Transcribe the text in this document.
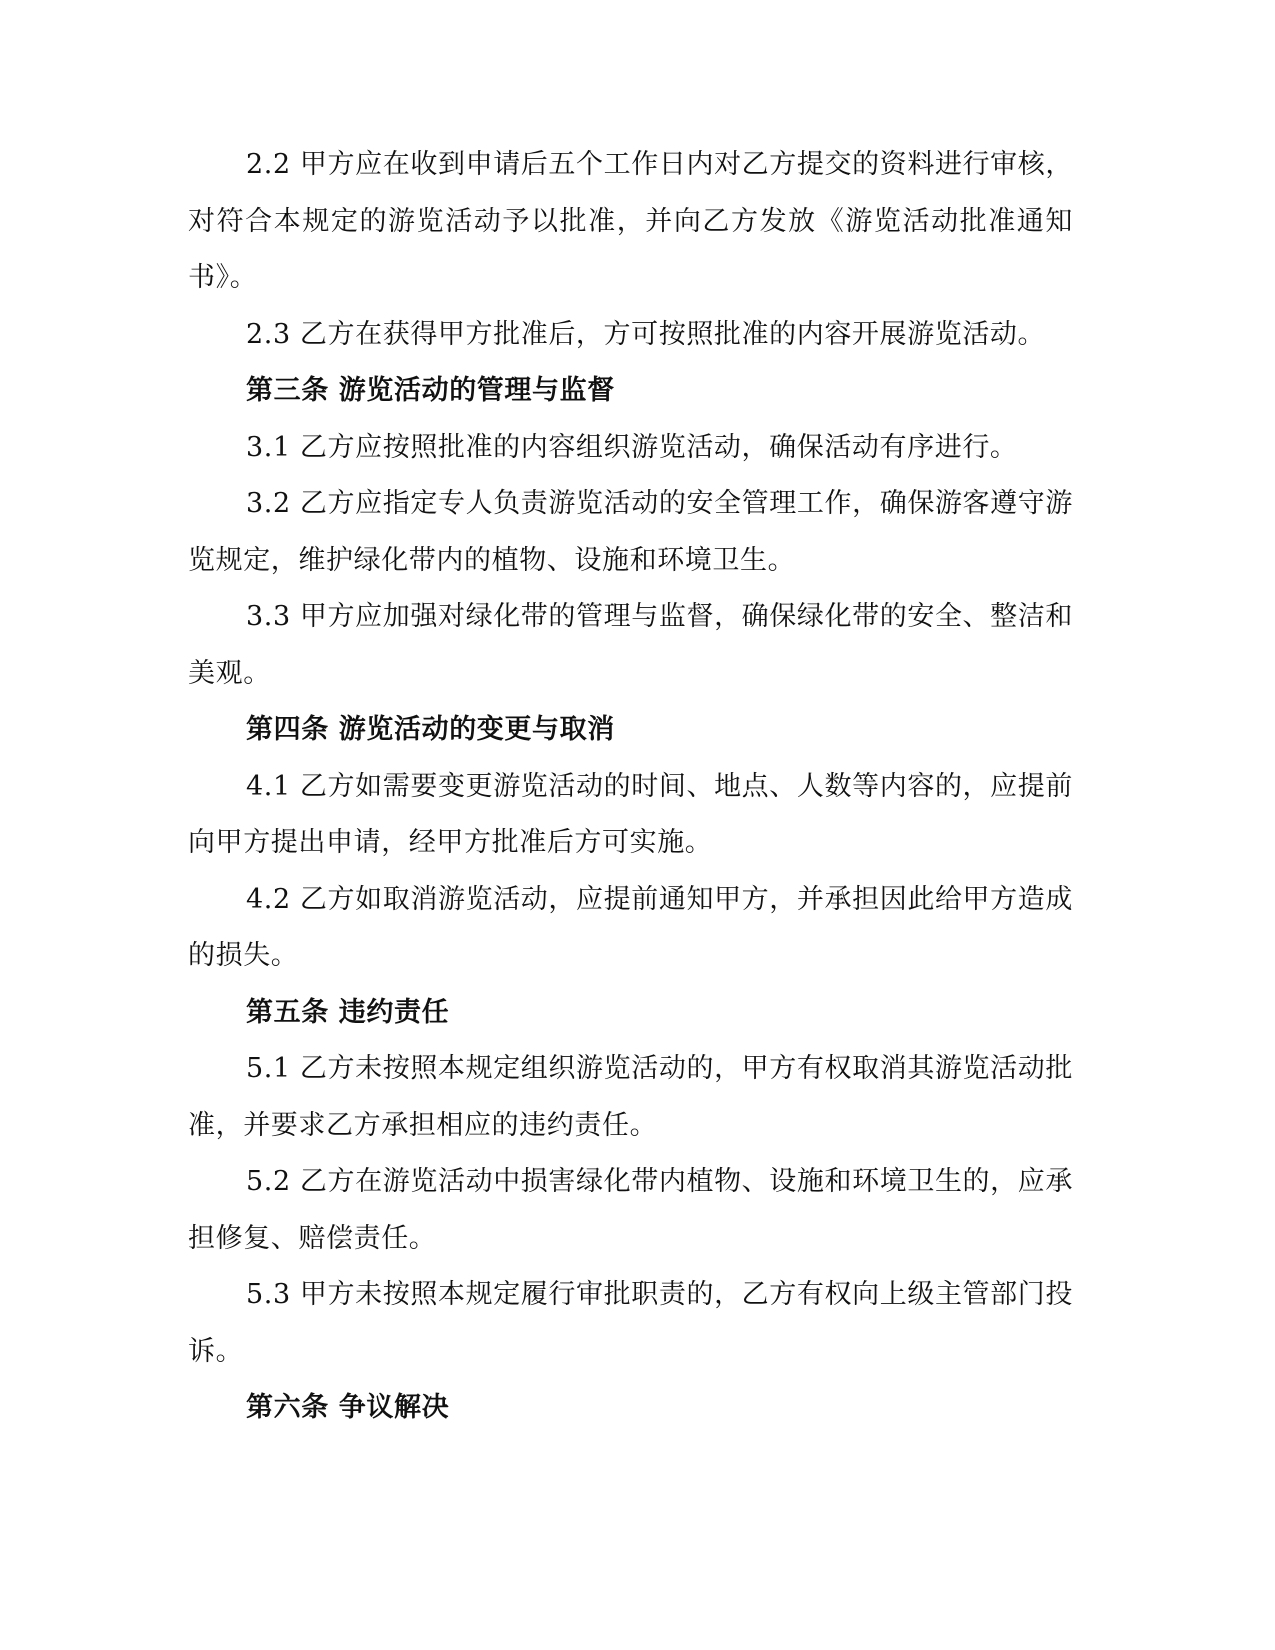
2.2 甲方应在收到申请后五个工作日内对乙方提交的资料进行审核，对符合本规定的游览活动予以批准，并向乙方发放《游览活动批准通知书》。

2.3 乙方在获得甲方批准后，方可按照批准的内容开展游览活动。

第三条 游览活动的管理与监督

3.1 乙方应按照批准的内容组织游览活动，确保活动有序进行。

3.2 乙方应指定专人负责游览活动的安全管理工作，确保游客遵守游览规定，维护绿化带内的植物、设施和环境卫生。

3.3 甲方应加强对绿化带的管理与监督，确保绿化带的安全、整洁和美观。

第四条 游览活动的变更与取消

4.1 乙方如需要变更游览活动的时间、地点、人数等内容的，应提前向甲方提出申请，经甲方批准后方可实施。

4.2 乙方如取消游览活动，应提前通知甲方，并承担因此给甲方造成的损失。

第五条 违约责任

5.1 乙方未按照本规定组织游览活动的，甲方有权取消其游览活动批准，并要求乙方承担相应的违约责任。

5.2 乙方在游览活动中损害绿化带内植物、设施和环境卫生的，应承担修复、赔偿责任。

5.3 甲方未按照本规定履行审批职责的，乙方有权向上级主管部门投诉。

第六条 争议解决
